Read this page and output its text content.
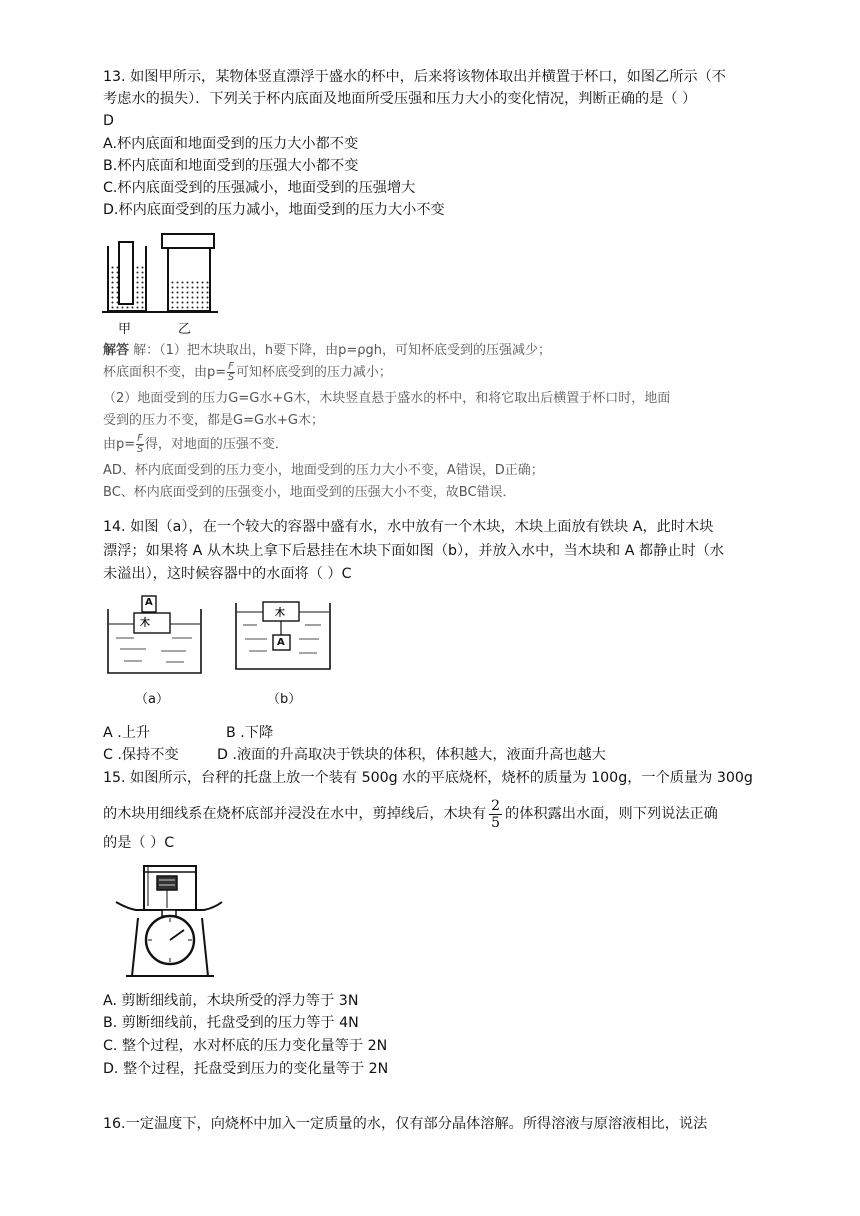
13. 如图甲所示，某物体竖直漂浮于盛水的杯中，后来将该物体取出并横置于杯口，如图乙所示（不

考虑水的损失）．下列关于杯内底面及地面所受压强和压力大小的变化情况，判断正确的是（ ）

D

A.杯内底面和地面受到的压力大小都不变

B.杯内底面和地面受到的压强大小都不变

C.杯内底面受到的压强减小，地面受到的压强增大

D.杯内底面受到的压力减小，地面受到的压力大小不变

甲	乙
解答 解：（1）把木块取出，h要下降，由p=ρgh，可知杯底受到的压强减少；
杯底面积不变，由$p= \frac{F}{S}$ 可知杯底受到的压力减小；
（2）地面受到的压力G=G水+G木，木块竖直悬于盛水的杯中，和将它取出后横置于杯口时，地面
受到的压力不变，都是G=G水+G木；
由$p= \frac{F}{S}$ 得，对地面的压强不变．
AD、杯内底面受到的压力变小，地面受到的压力大小不变，A错误，D正确；
BC、杯内底面受到的压强变小，地面受到的压强大小不变，故BC错误．

14. 如图（a），在一个较大的容器中盛有水，水中放有一个木块，木块上面放有铁块 A，此时木块

漂浮；如果将 A 从木块上拿下后悬挂在木块下面如图（b），并放入水中，当木块和 A 都静止时（水

未溢出），这时候容器中的水面将（ ）C

木
A
（a）
木
A
（b）
A .上升	B .下降
C .保持不变	D .液面的升高取决于铁块的体积，体积越大，液面升高也越大

15. 如图所示，台秤的托盘上放一个装有 500g 水的平底烧杯，烧杯的质量为 100g，一个质量为 300g

的木块用细线系在烧杯底部并浸没在水中，剪掉线后，木块有 $\frac{2}{5}$ 的体积露出水面，则下列说法正确

的是（ ）C

A. 剪断细线前，木块所受的浮力等于 3N

B. 剪断细线前，托盘受到的压力等于 4N

C. 整个过程，水对杯底的压力变化量等于 2N

D. 整个过程，托盘受到压力的变化量等于 2N

16.一定温度下，向烧杯中加入一定质量的水，仅有部分晶体溶解。所得溶液与原溶液相比，说法
